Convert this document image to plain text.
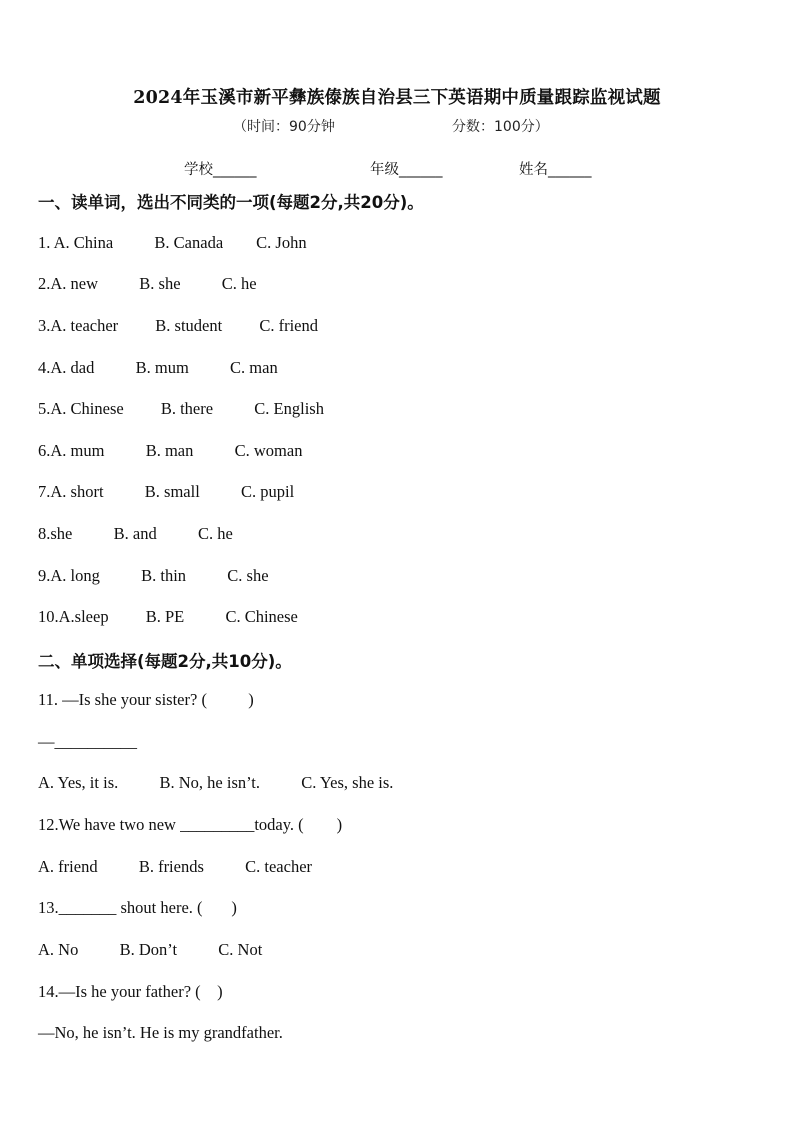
2024年玉溪市新平彝族傣族自治县三下英语期中质量跟踪监视试题
（时间：90分钟	分数：100分）
学校______	年级______	姓名______
一、读单词，选出不同类的一项(每题2分,共20分)。
1. A. China          B. Canada        C. John
2.A. new          B. she          C. he
3.A. teacher         B. student         C. friend
4.A. dad          B. mum          C. man
5.A. Chinese         B. there          C. English
6.A. mum          B. man          C. woman
7.A. short          B. small          C. pupil
8.she          B. and          C. he
9.A. long          B. thin          C. she
10.A.sleep         B. PE          C. Chinese
二、单项选择(每题2分,共10分)。
11. —Is she your sister? (          )
—__________
A. Yes, it is.          B. No, he isn’t.          C. Yes, she is.
12.We have two new _________today. (        )
A. friend          B. friends          C. teacher
13._______ shout here. (       )
A. No          B. Don’t          C. Not
14.—Is he your father? (    )
—No, he isn’t. He is my grandfather.
